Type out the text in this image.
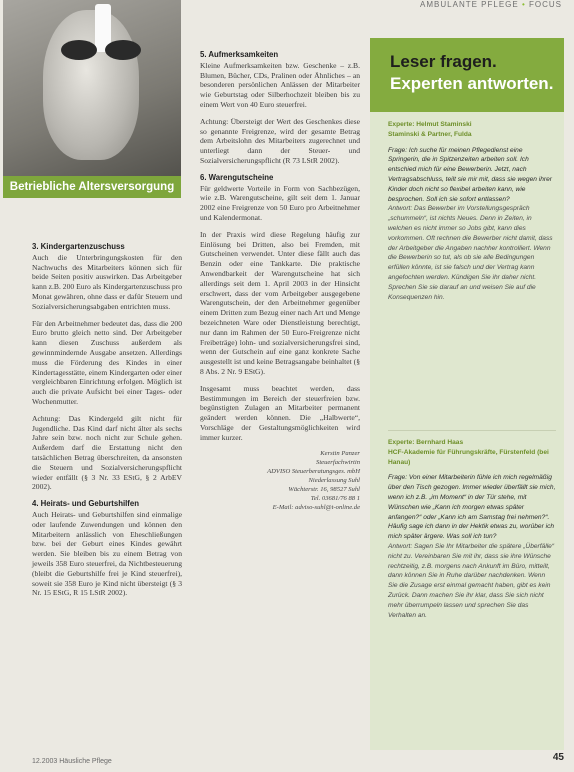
AMBULANTE PFLEGE • FOCUS
Betriebliche Altersversorgung
3. Kindergartenzuschuss

Auch die Unterbringungskosten für den Nachwuchs des Mitarbeiters können sich für beide Seiten positiv auswirken. Das Arbeitgeber kann z.B. 200 Euro als Kindergartenzuschuss pro Monat gewähren, ohne dass er dafür Steuern und Sozialversicherungsabgaben entrichten muss.

Für den Arbeitnehmer bedeutet das, dass die 200 Euro brutto gleich netto sind. Der Arbeitgeber kann diesen Zuschuss außerdem als gewinnmindernde Ausgabe ansetzen. Allerdings muss die Förderung des Kindes in einer Kindertagesstätte, einem Kindergarten oder einer vergleichbaren Einrichtung erfolgen. Möglich ist auch die private Aufsicht bei einer Tages- oder Wochenmutter.

Achtung: Das Kindergeld gilt nicht für Jugendliche. Das Kind darf nicht älter als sechs Jahre sein bzw. noch nicht zur Schule gehen. Außerdem darf die Erstattung nicht den tatsächlichen Betrag überschreiten, da ansonsten die Steuern und Sozialversicherungspflicht wieder entfällt (§ 3 Nr. 33 EStG, § 2 ArbEV 2002).

4. Heirats- und Geburtshilfen

Auch Heirats- und Geburtshilfen sind einmalige oder laufende Zuwendungen und können den Mitarbeitern anlässlich von Eheschließungen bzw. bei der Geburt eines Kindes gewährt werden. Sie bleiben bis zu einem Betrag von jeweils 358 Euro steuerfrei, da Nichtbesteuerung (bleibt die Geburtshilfe frei je Kind steuerfrei), soweit sie 358 Euro je Kind nicht übersteigt (§ 3 Nr. 15 EStG, R 15 LStR 2002).

5. Aufmerksamkeiten

Kleine Aufmerksamkeiten bzw. Geschenke – z.B. Blumen, Bücher, CDs, Pralinen oder Ähnliches – an besonderen persönlichen Anlässen der Mitarbeiter wie Geburtstag oder Silberhochzeit bleiben bis zu einem Wert von 40 Euro steuerfrei.

Achtung: Übersteigt der Wert des Geschenkes diese so genannte Freigrenze, wird der gesamte Betrag dem Arbeitslohn des Mitarbeiters zugerechnet und unterliegt dann der Steuer- und Sozialversicherungspflicht (R 73 LStR 2002).

6. Warengutscheine

Für geldwerte Vorteile in Form von Sachbezügen, wie z.B. Warengutscheine, gilt seit dem 1. Januar 2002 eine Freigrenze von 50 Euro pro Arbeitnehmer und Kalendermonat.

In der Praxis wird diese Regelung häufig zur Einlösung bei Dritten, also bei Fremden, mit Gutscheinen verwendet. Unter diese fällt auch das Benzin oder eine Tankkarte. Die praktische Anwendbarkeit der Warengutscheine hat sich allerdings seit dem 1. April 2003 in der Hinsicht erschwert, dass der vom Arbeitgeber ausgegebene Warengutschein, der den Arbeitnehmer gegenüber einem Dritten zum Bezug einer nach Art und Menge bezeichneten Ware oder Dienstleistung berechtigt, nur dann im Rahmen der 50 Euro-Freigrenze nicht Freibeträge) lohn- und sozialversicherungsfrei sind, wenn der Gutschein auf eine ganz konkrete Sache ausgestellt ist und keine Betragsangabe beinhaltet (§ 8 Abs. 2 Nr. 9 EStG).

Insgesamt muss beachtet werden, dass Bestimmungen im Bereich der steuerfreien bzw. begünstigten Zulagen an Mitarbeiter permanent geändert werden können. Die „Halbwerte“, Vorschläge der Gestaltungsmöglichkeiten wird immer kurzer.

Kerstin Panzer
Steuerfachwirtin
ADVISO Steuerberatungsges. mbH
Niederlassung Suhl
Wächterstr. 16, 98527 Suhl
Tel. 03681/76 88 1
E-Mail: adviso-suhl@t-online.de
Leser fragen.
Experten antworten.
Experte: Helmut Staminski
Staminski & Partner, Fulda

Frage: Ich suche für meinen Pflegedienst eine Springerin, die in Spitzenzeiten arbeiten soll. Ich entschied mich für eine Bewerberin. Jetzt, nach Vertragsabschluss, teilt sie mir mit, dass sie wegen ihrer Kinder doch nicht so flexibel arbeiten kann, wie besprochen. Soll ich sie sofort entlassen?

Antwort: Das Bewerber im Vorstellungsgespräch „schummeln“, ist nichts Neues. Denn in Zeiten, in welchen es nicht immer so Jobs gibt, kann dies vorkommen. Oft rechnen die Bewerber nicht damit, dass der Arbeitgeber die Angaben nachher kontrolliert. Wenn die Bewerberin so tut, als ob sie alle Bedingungen erfüllen könnte, ist sie falsch und der Vertrag kann angefochten werden. Kündigen Sie ihr daher nicht. Sprechen Sie sie darauf an und weisen Sie auf die Konsequenzen hin.

Experte: Bernhard Haas
HCF-Akademie für Führungskräfte, Fürstenfeld (bei Hanau)

Frage: Von einer Mitarbeiterin fühle ich mich regelmäßig über den Tisch gezogen. Immer wieder überfällt sie mich, wenn ich z.B. „im Moment“ in der Tür stehe, mit Wünschen wie „Kann ich morgen etwas später anfangen?“ oder „Kann ich am Samstag frei nehmen?“. Häufig sage ich dann in der Hektik etwas zu, worüber ich mich später ärgere. Was soll ich tun?

Antwort: Sagen Sie Ihr Mitarbeiter die spätere „Überfälle“ nicht zu. Vereinbaren Sie mit ihr, dass sie ihre Wünsche rechtzeitig, z.B. morgens nach Ankunft im Büro, mitteilt, dann können Sie in Ruhe darüber nachdenken. Wenn Sie die Zusage erst einmal gemacht haben, gibt es kein Zurück. Dann machen Sie ihr klar, dass Sie sich nicht mehr überrumpeln lassen und sprechen Sie das Verhalten an.

12.2003 Häusliche Pflege	45
